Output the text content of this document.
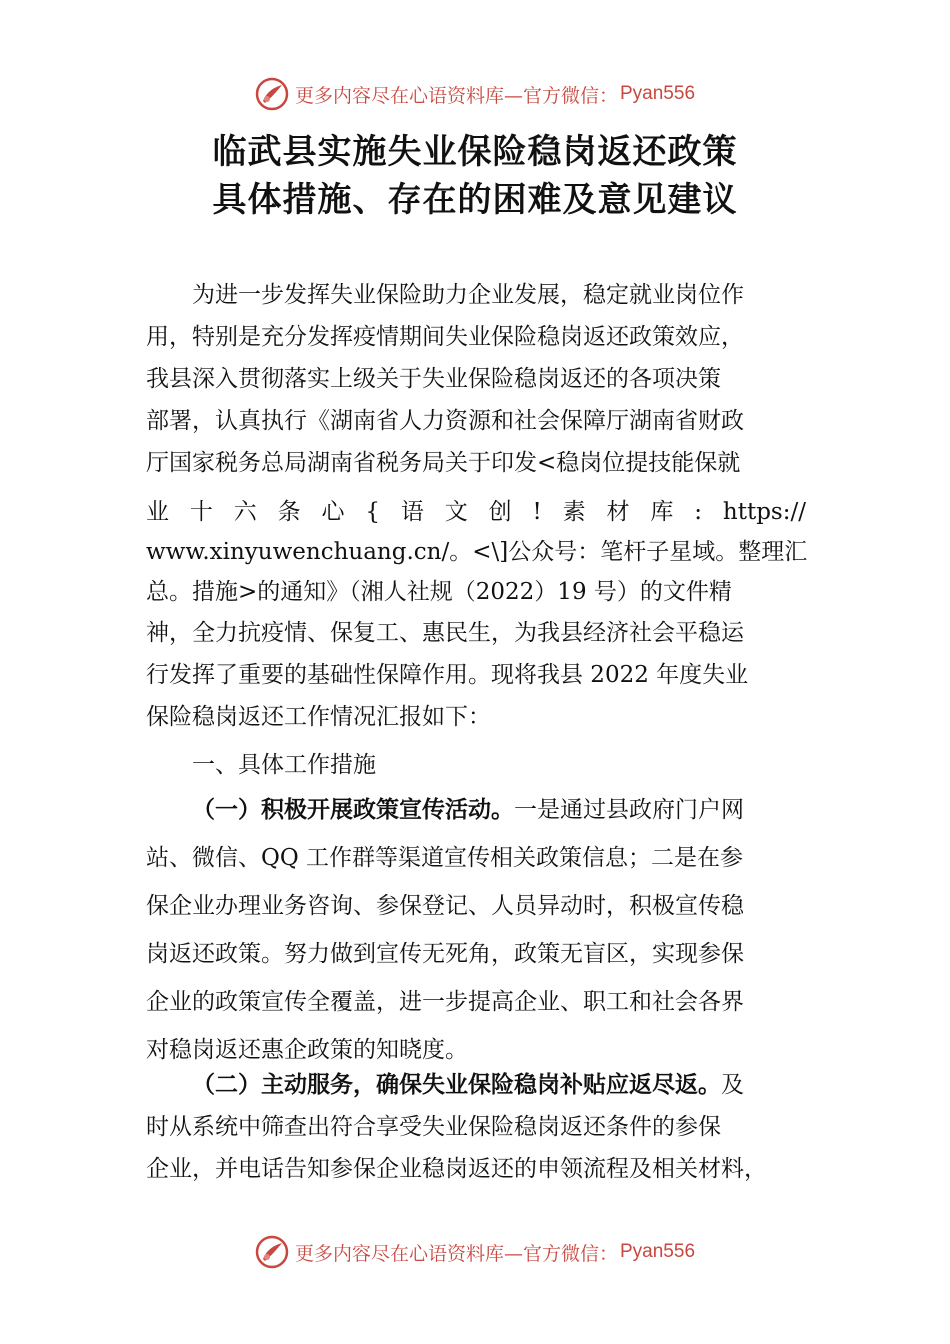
更多内容尽在心语资料库—官方微信： Pyan556
临武县实施失业保险稳岗返还政策
具体措施、存在的困难及意见建议
为进一步发挥失业保险助力企业发展，稳定就业岗位作
用，特别是充分发挥疫情期间失业保险稳岗返还政策效应，
我县深入贯彻落实上级关于失业保险稳岗返还的各项决策
部署，认真执行《湖南省人力资源和社会保障厅湖南省财政
厅国家税务总局湖南省税务局关于印发<稳岗位提技能保就
业 十 六 条 心 { 语 文 创 ! 素 材 库 : https://
www.xinyuwenchuang.cn/。<\]公众号：笔杆子星域。整理汇
总。措施>的通知》（湘人社规（2022）19 号）的文件精
神，全力抗疫情、保复工、惠民生，为我县经济社会平稳运
行发挥了重要的基础性保障作用。现将我县 2022 年度失业
保险稳岗返还工作情况汇报如下：
一、具体工作措施
（一）积极开展政策宣传活动。一是通过县政府门户网
站、微信、QQ 工作群等渠道宣传相关政策信息；二是在参
保企业办理业务咨询、参保登记、人员异动时，积极宣传稳
岗返还政策。努力做到宣传无死角，政策无盲区，实现参保
企业的政策宣传全覆盖，进一步提高企业、职工和社会各界
对稳岗返还惠企政策的知晓度。
（二）主动服务，确保失业保险稳岗补贴应返尽返。及
时从系统中筛查出符合享受失业保险稳岗返还条件的参保
企业，并电话告知参保企业稳岗返还的申领流程及相关材料，
更多内容尽在心语资料库—官方微信： Pyan556
